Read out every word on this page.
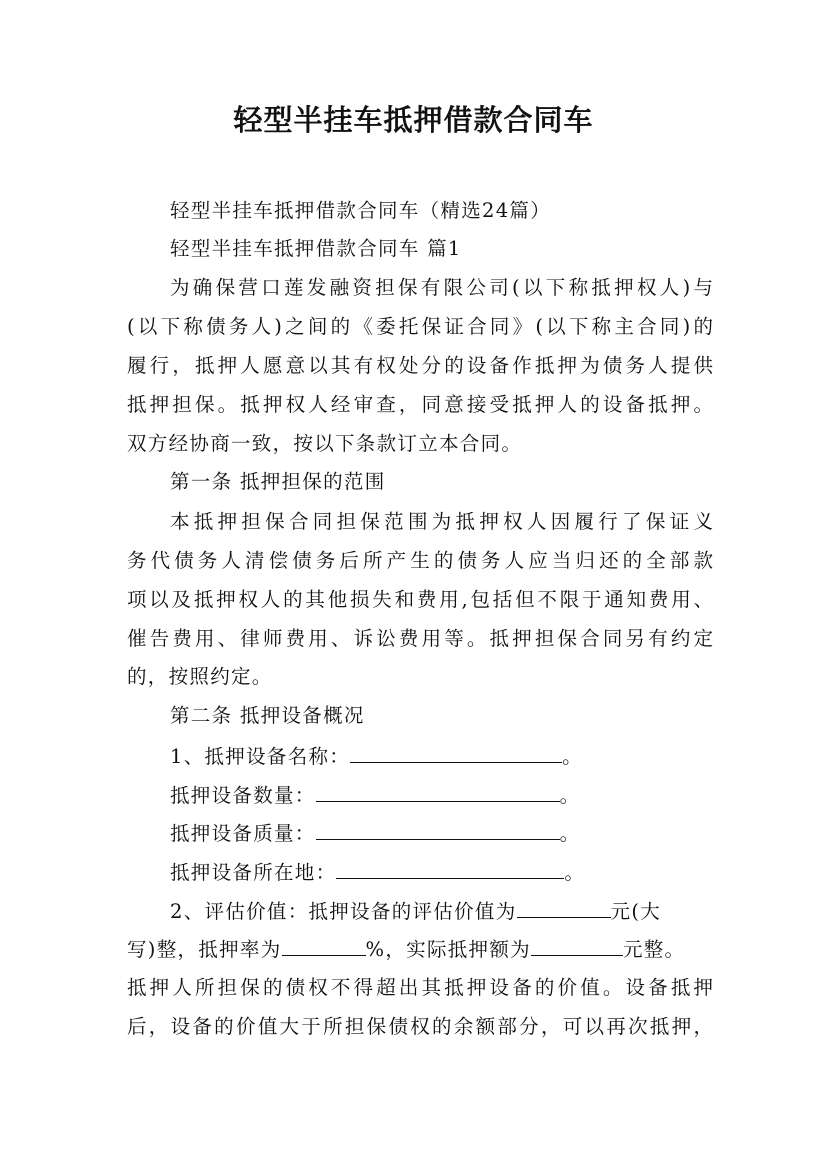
轻型半挂车抵押借款合同车
轻型半挂车抵押借款合同车（精选24篇）
轻型半挂车抵押借款合同车 篇1
为确保营口莲发融资担保有限公司(以下称抵押权人)与
(以下称债务人)之间的《委托保证合同》(以下称主合同)的
履行，抵押人愿意以其有权处分的设备作抵押为债务人提供
抵押担保。抵押权人经审查，同意接受抵押人的设备抵押。
双方经协商一致，按以下条款订立本合同。
第一条 抵押担保的范围
本抵押担保合同担保范围为抵押权人因履行了保证义
务代债务人清偿债务后所产生的债务人应当归还的全部款
项以及抵押权人的其他损失和费用,包括但不限于通知费用、
催告费用、律师费用、诉讼费用等。抵押担保合同另有约定
的，按照约定。
第二条 抵押设备概况
1、抵押设备名称：	。
抵押设备数量：	。
抵押设备质量：	。
抵押设备所在地：	。
2、评估价值：抵押设备的评估价值为	元(大
写)整，抵押率为	%，实际抵押额为	元整。
抵押人所担保的债权不得超出其抵押设备的价值。设备抵押
后，设备的价值大于所担保债权的余额部分，可以再次抵押，
